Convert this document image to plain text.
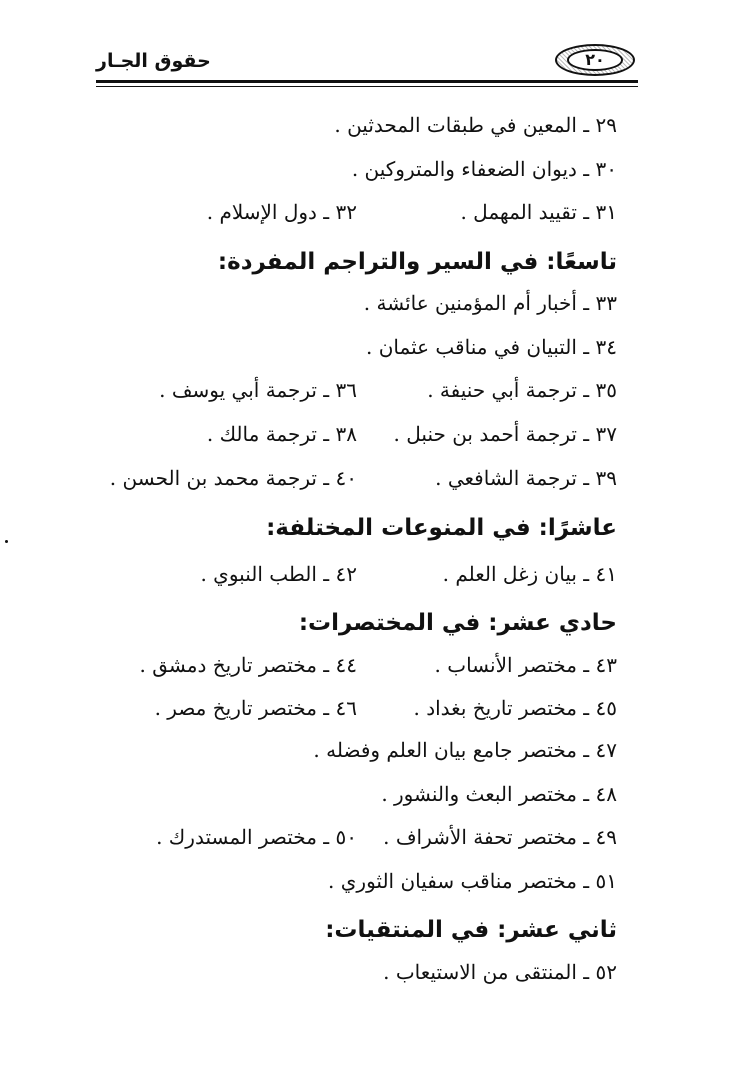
حقوق الجـار	٢٠
٢٩ ـ المعين في طبقات المحدثين .
٣٠ ـ ديوان الضعفاء والمتروكين .
٣١ ـ تقييد المهمل .
٣٢ ـ دول الإسلام .
تاسعًا: في السير والتراجم المفردة:
٣٣ ـ أخبار أم المؤمنين عائشة .
٣٤ ـ التبيان في مناقب عثمان .
٣٥ ـ ترجمة أبي حنيفة .
٣٦ ـ ترجمة أبي يوسف .
٣٧ ـ ترجمة أحمد بن حنبل .
٣٨ ـ ترجمة مالك .
٣٩ ـ ترجمة الشافعي .
٤٠ ـ ترجمة محمد بن الحسن .
عاشرًا: في المنوعات المختلفة:
٤١ ـ بيان زغل العلم .
٤٢ ـ الطب النبوي .
حادي عشر: في المختصرات:
٤٣ ـ مختصر الأنساب .
٤٤ ـ مختصر تاريخ دمشق .
٤٥ ـ مختصر تاريخ بغداد .
٤٦ ـ مختصر تاريخ مصر .
٤٧ ـ مختصر جامع بيان العلم وفضله .
٤٨ ـ مختصر البعث والنشور .
٤٩ ـ مختصر تحفة الأشراف .
٥٠ ـ مختصر المستدرك .
٥١ ـ مختصر مناقب سفيان الثوري .
ثاني عشر: في المنتقيات:
٥٢ ـ المنتقى من الاستيعاب .
